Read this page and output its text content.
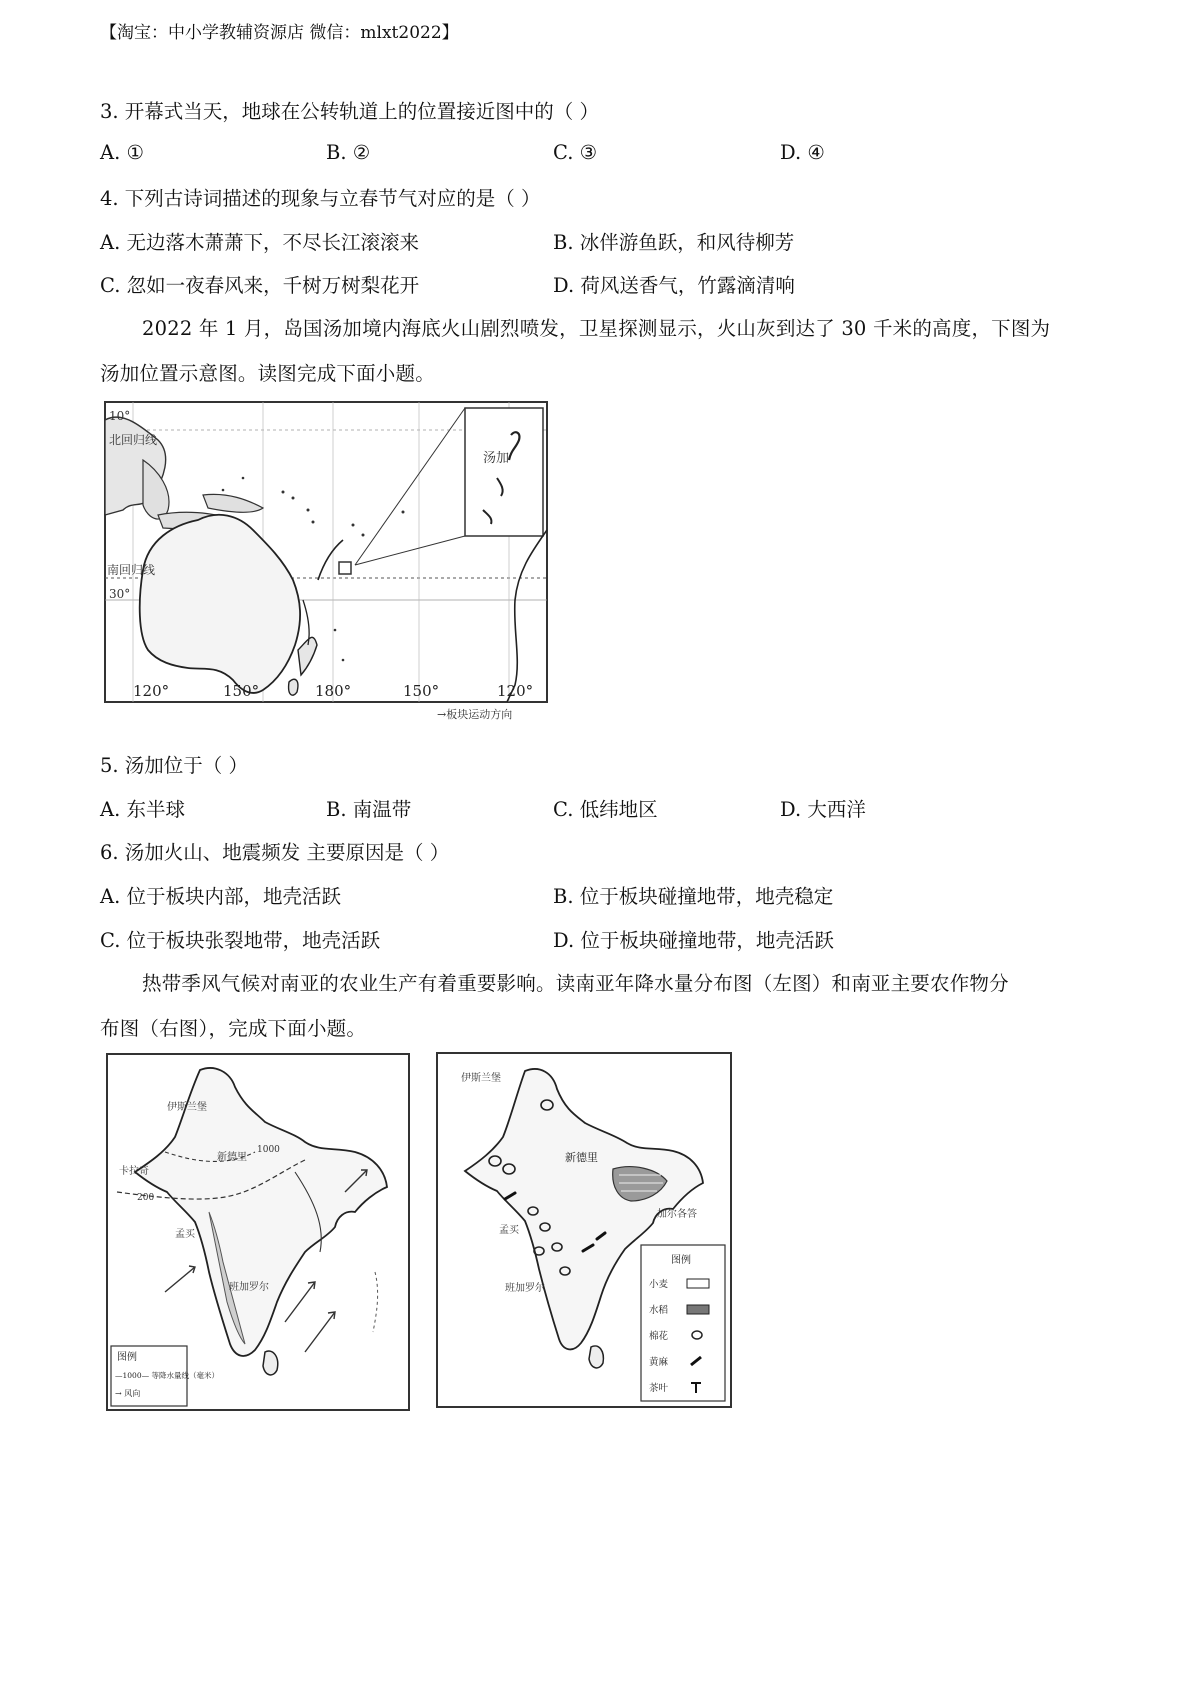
【淘宝：中小学教辅资源店 微信：mlxt2022】
3. 开幕式当天，地球在公转轨道上的位置接近图中的（ ）
A. ①	B. ②	C. ③	D. ④
4. 下列古诗词描述的现象与立春节气对应的是（ ）
A. 无边落木萧萧下，不尽长江滚滚来	B. 冰伴游鱼跃，和风待柳芳
C. 忽如一夜春风来，千树万树梨花开	D. 荷风送香气，竹露滴清响
2022 年 1 月，岛国汤加境内海底火山剧烈喷发，卫星探测显示，火山灰到达了 30 千米的高度，下图为
汤加位置示意图。读图完成下面小题。
10°
北回归线
南回归线
30°
汤加
120°	150°	180°	150°	120°
→板块运动方向
5. 汤加位于（ ）
A. 东半球	B. 南温带	C. 低纬地区	D. 大西洋
6. 汤加火山、地震频发 主要原因是（ ）
A. 位于板块内部，地壳活跃	B. 位于板块碰撞地带，地壳稳定
C. 位于板块张裂地带，地壳活跃	D. 位于板块碰撞地带，地壳活跃
热带季风气候对南亚的农业生产有着重要影响。读南亚年降水量分布图（左图）和南亚主要农作物分
布图（右图），完成下面小题。
伊斯兰堡
新德里
卡拉奇
孟买
班加罗尔
1000
200
图例
—1000— 等降水量线（毫米）
→ 风向
伊斯兰堡
新德里
孟买
加尔各答
班加罗尔
图例
小麦
水稻
棉花
黄麻
茶叶
